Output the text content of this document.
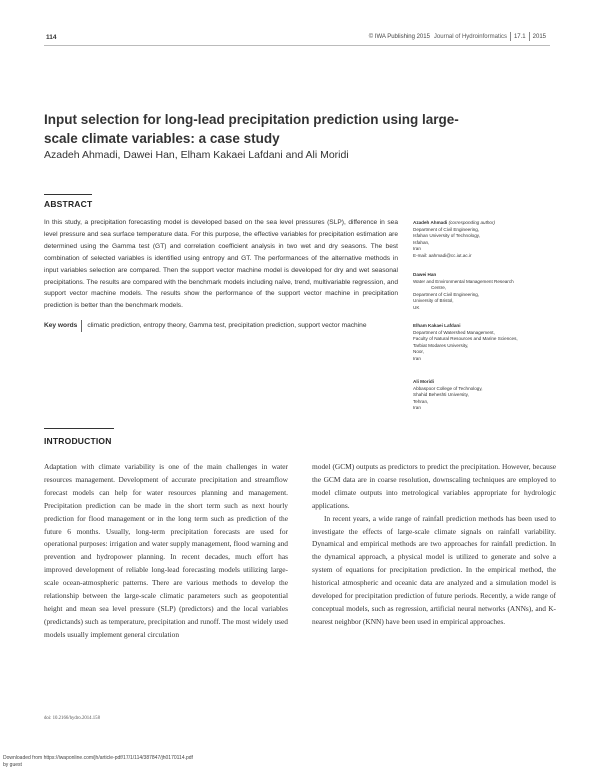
114	© IWA Publishing 2015 Journal of Hydroinformatics 17.1 2015
Input selection for long-lead precipitation prediction using large-scale climate variables: a case study
Azadeh Ahmadi, Dawei Han, Elham Kakaei Lafdani and Ali Moridi
ABSTRACT
In this study, a precipitation forecasting model is developed based on the sea level pressures (SLP), difference in sea level pressure and sea surface temperature data. For this purpose, the effective variables for precipitation estimation are determined using the Gamma test (GT) and correlation coefficient analysis in two wet and dry seasons. The best combination of selected variables is identified using entropy and GT. The performances of the alternative methods in input variables selection are compared. Then the support vector machine model is developed for dry and wet seasonal precipitations. The results are compared with the benchmark models including naïve, trend, multivariable regression, and support vector machine models. The results show the performance of the support vector machine in precipitation prediction is better than the benchmark models.
Key words climatic prediction, entropy theory, Gamma test, precipitation prediction, support vector machine
Azadeh Ahmadi (corresponding author)
Department of Civil Engineering,
Isfahan University of Technology,
Isfahan,
Iran
E-mail: aahmadi@cc.iut.ac.ir
Dawei Han
Water and Environmental Management Research
Centre,
Department of Civil Engineering,
University of Bristol,
UK
Elham Kakaei Lafdani
Department of Watershed Management,
Faculty of Natural Resources and Marine Sciences,
Tarbiat Modares University,
Noor,
Iran
Ali Moridi
Abbaspoor College of Technology,
Shahid Beheshti University,
Tehran,
Iran
INTRODUCTION

Adaptation with climate variability is one of the main challenges in water resources management. Development of accurate precipitation and streamflow forecast models can help for water resources planning and management. Precipitation prediction can be made in the short term such as next hourly prediction for flood management or in the long term such as prediction of the future 6 months. Usually, long-term precipitation forecasts are used for operational purposes: irrigation and water supply management, flood warning and prevention and hydropower planning. In recent decades, much effort has improved development of reliable long-lead forecasting models utilizing large-scale ocean-atmospheric patterns. There are various methods to develop the relationship between the large-scale climatic parameters such as geopotential height and mean sea level pressure (SLP) (predictors) and the local variables (predictands) such as temperature, precipitation and runoff. The most widely used models usually implement general circulation

model (GCM) outputs as predictors to predict the precipitation. However, because the GCM data are in coarse resolution, downscaling techniques are employed to model climate outputs into metrological variables appropriate for hydrologic applications.

In recent years, a wide range of rainfall prediction methods has been used to investigate the effects of large-scale climate signals on rainfall variability. Dynamical and empirical methods are two approaches for rainfall prediction. In the dynamical approach, a physical model is utilized to generate and solve a system of equations for precipitation prediction. In the empirical method, the historical atmospheric and oceanic data are analyzed and a simulation model is developed for precipitation prediction of future periods. Recently, a wide range of conceptual models, such as regression, artificial neural networks (ANNs), and K-nearest neighbor (KNN) have been used in empirical approaches.

doi: 10.2166/hydro.2014.158
Downloaded from https://iwaponline.com/jh/article-pdf/17/1/114/387847/jh0170114.pdf
by guest
